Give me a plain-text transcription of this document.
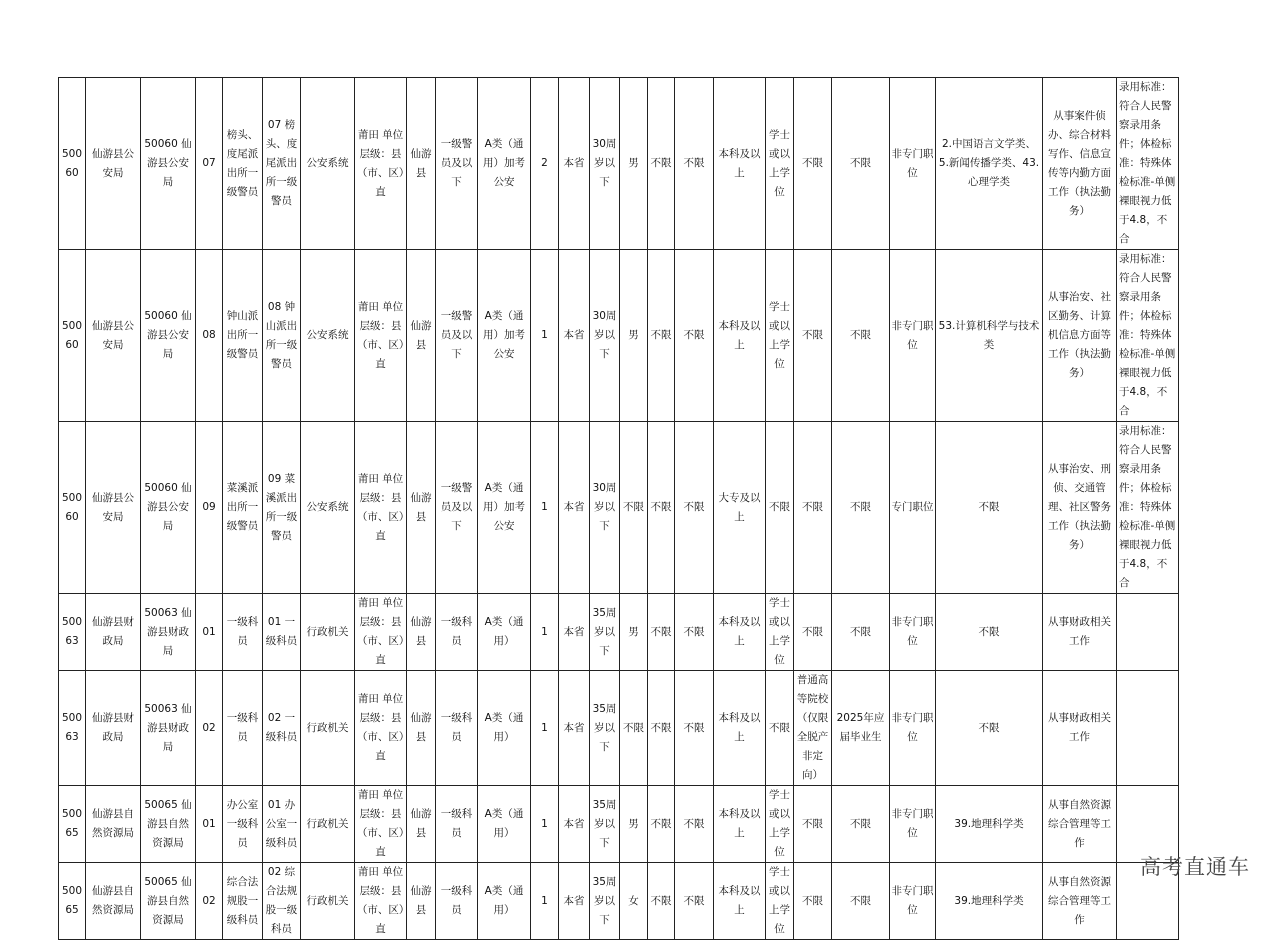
50060	仙游县公安局	50060 仙游县公安局	07	榜头、度尾派出所一级警员	07 榜头、度尾派出所一级警员	公安系统	莆田 单位层级：县（市、区）直	仙游县	一级警员及以下	A类（通用）加考公安	2	本省	30周岁以下	男	不限	不限	本科及以上	学士或以上学位	不限	不限	非专门职位	2.中国语言文学类、5.新闻传播学类、43.心理学类	从事案件侦办、综合材料写作、信息宣传等内勤方面工作（执法勤务）	录用标准：符合人民警察录用条件；体检标准：特殊体检标准-单侧裸眼视力低于4.8，不合
50060	仙游县公安局	50060 仙游县公安局	08	钟山派出所一级警员	08 钟山派出所一级警员	公安系统	莆田 单位层级：县（市、区）直	仙游县	一级警员及以下	A类（通用）加考公安	1	本省	30周岁以下	男	不限	不限	本科及以上	学士或以上学位	不限	不限	非专门职位	53.计算机科学与技术类	从事治安、社区勤务、计算机信息方面等工作（执法勤务）	录用标准：符合人民警察录用条件；体检标准：特殊体检标准-单侧裸眼视力低于4.8，不合
50060	仙游县公安局	50060 仙游县公安局	09	菜溪派出所一级警员	09 菜溪派出所一级警员	公安系统	莆田 单位层级：县（市、区）直	仙游县	一级警员及以下	A类（通用）加考公安	1	本省	30周岁以下	不限	不限	不限	大专及以上	不限	不限	不限	专门职位	不限	从事治安、刑侦、交通管理、社区警务工作（执法勤务）	录用标准：符合人民警察录用条件；体检标准：特殊体检标准-单侧裸眼视力低于4.8，不合
50063	仙游县财政局	50063 仙游县财政局	01	一级科员	01 一级科员	行政机关	莆田 单位层级：县（市、区）直	仙游县	一级科员	A类（通用）	1	本省	35周岁以下	男	不限	不限	本科及以上	学士或以上学位	不限	不限	非专门职位	不限	从事财政相关工作	
50063	仙游县财政局	50063 仙游县财政局	02	一级科员	02 一级科员	行政机关	莆田 单位层级：县（市、区）直	仙游县	一级科员	A类（通用）	1	本省	35周岁以下	不限	不限	不限	本科及以上	不限	普通高等院校（仅限全脱产非定向）	2025年应届毕业生	非专门职位	不限	从事财政相关工作	
50065	仙游县自然资源局	50065 仙游县自然资源局	01	办公室一级科员	01 办公室一级科员	行政机关	莆田 单位层级：县（市、区）直	仙游县	一级科员	A类（通用）	1	本省	35周岁以下	男	不限	不限	本科及以上	学士或以上学位	不限	不限	非专门职位	39.地理科学类	从事自然资源综合管理等工作	
50065	仙游县自然资源局	50065 仙游县自然资源局	02	综合法规股一级科员	02 综合法规股一级科员	行政机关	莆田 单位层级：县（市、区）直	仙游县	一级科员	A类（通用）	1	本省	35周岁以下	女	不限	不限	本科及以上	学士或以上学位	不限	不限	非专门职位	39.地理科学类	从事自然资源综合管理等工作	
高考直通车
